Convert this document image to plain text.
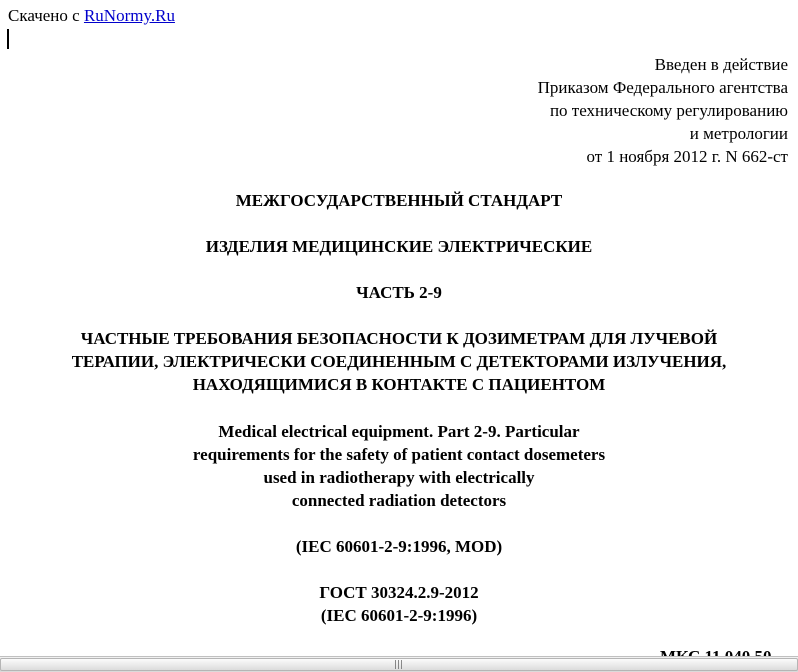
Скачено с RuNormy.Ru
Введен в действие
Приказом Федерального агентства
по техническому регулированию
и метрологии
от 1 ноября 2012 г. N 662-ст
МЕЖГОСУДАРСТВЕННЫЙ СТАНДАРТ
ИЗДЕЛИЯ МЕДИЦИНСКИЕ ЭЛЕКТРИЧЕСКИЕ
ЧАСТЬ 2-9
ЧАСТНЫЕ ТРЕБОВАНИЯ БЕЗОПАСНОСТИ К ДОЗИМЕТРАМ ДЛЯ ЛУЧЕВОЙ
ТЕРАПИИ, ЭЛЕКТРИЧЕСКИ СОЕДИНЕННЫМ С ДЕТЕКТОРАМИ ИЗЛУЧЕНИЯ,
НАХОДЯЩИМИСЯ В КОНТАКТЕ С ПАЦИЕНТОМ
Medical electrical equipment. Part 2-9. Particular
requirements for the safety of patient contact dosemeters
used in radiotherapy with electrically
connected radiation detectors
(IEC 60601-2-9:1996, MOD)
ГОСТ 30324.2.9-2012
(IEC 60601-2-9:1996)
|||
